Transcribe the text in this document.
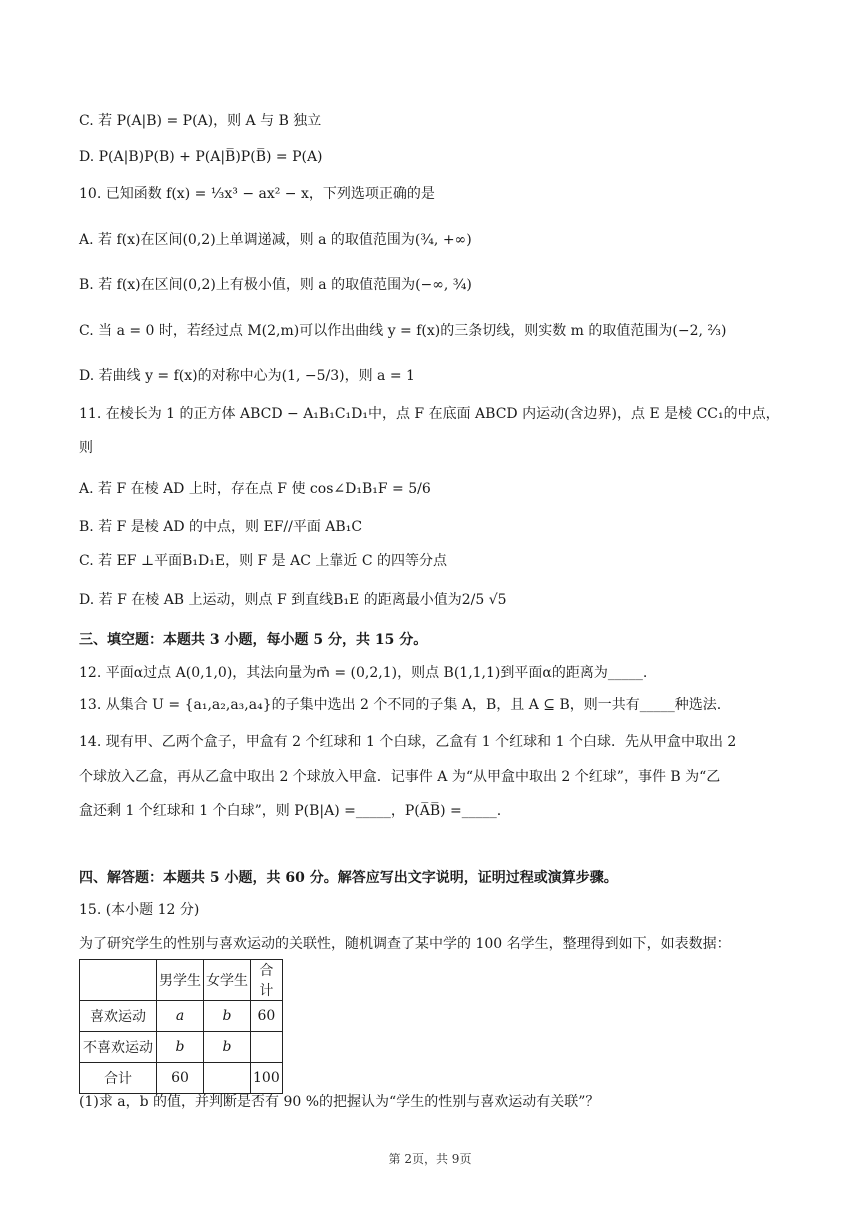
C. 若 P(A|B) = P(A)，则 A 与 B 独立
D. P(A|B)P(B) + P(A|B̅)P(B̅) = P(A)
10. 已知函数 f(x) = ⅓x³ − ax² − x，下列选项正确的是
A. 若 f(x)在区间(0,2)上单调递减，则 a 的取值范围为(¾, +∞)
B. 若 f(x)在区间(0,2)上有极小值，则 a 的取值范围为(−∞, ¾)
C. 当 a = 0 时，若经过点 M(2,m)可以作出曲线 y = f(x)的三条切线，则实数 m 的取值范围为(−2, ⅔)
D. 若曲线 y = f(x)的对称中心为(1, −5/3)，则 a = 1
11. 在棱长为 1 的正方体 ABCD − A₁B₁C₁D₁中，点 F 在底面 ABCD 内运动(含边界)，点 E 是棱 CC₁的中点，
则
A. 若 F 在棱 AD 上时，存在点 F 使 cos∠D₁B₁F = 5/6
B. 若 F 是棱 AD 的中点，则 EF//平面 AB₁C
C. 若 EF ⊥平面B₁D₁E，则 F 是 AC 上靠近 C 的四等分点
D. 若 F 在棱 AB 上运动，则点 F 到直线B₁E 的距离最小值为2/5 √5
三、填空题：本题共 3 小题，每小题 5 分，共 15 分。
12. 平面α过点 A(0,1,0)，其法向量为m⃗ = (0,2,1)，则点 B(1,1,1)到平面α的距离为_____.
13. 从集合 U = {a₁,a₂,a₃,a₄}的子集中选出 2 个不同的子集 A，B，且 A ⊆ B，则一共有_____种选法.
14. 现有甲、乙两个盒子，甲盒有 2 个红球和 1 个白球，乙盒有 1 个红球和 1 个白球．先从甲盒中取出 2
个球放入乙盒，再从乙盒中取出 2 个球放入甲盒．记事件 A 为“从甲盒中取出 2 个红球”，事件 B 为“乙
盒还剩 1 个红球和 1 个白球”，则 P(B|A) =_____，P(A̅B̅) =_____.
四、解答题：本题共 5 小题，共 60 分。解答应写出文字说明，证明过程或演算步骤。
15. (本小题 12 分)
为了研究学生的性别与喜欢运动的关联性，随机调查了某中学的 100 名学生，整理得到如下，如表数据：
	男学生	女学生	合计
喜欢运动	a	b	60
不喜欢运动	b	b	
合计	60		100
(1)求 a，b 的值，并判断是否有 90 %的把握认为“学生的性别与喜欢运动有关联”？
第 2页，共 9页
